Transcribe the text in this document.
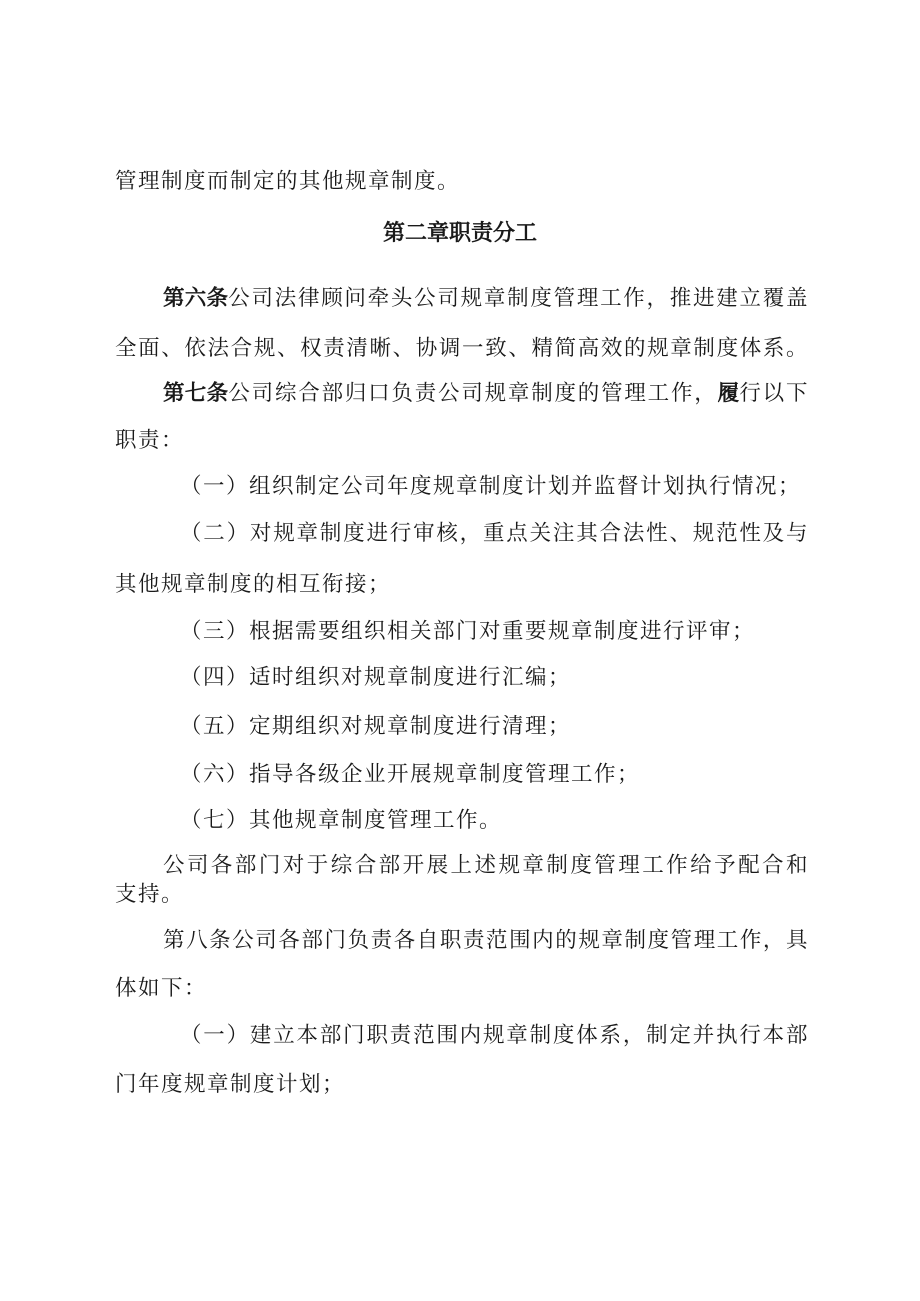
管理制度而制定的其他规章制度。
第二章职责分工
第六条公司法律顾问牵头公司规章制度管理工作，推进建立覆盖
全面、依法合规、权责清晰、协调一致、精简高效的规章制度体系。
第七条公司综合部归口负责公司规章制度的管理工作，履行以下
职责：
（一）组织制定公司年度规章制度计划并监督计划执行情况；
（二）对规章制度进行审核，重点关注其合法性、规范性及与
其他规章制度的相互衔接；
（三）根据需要组织相关部门对重要规章制度进行评审；
（四）适时组织对规章制度进行汇编；
（五）定期组织对规章制度进行清理；
（六）指导各级企业开展规章制度管理工作；
（七）其他规章制度管理工作。
公司各部门对于综合部开展上述规章制度管理工作给予配合和
支持。
第八条公司各部门负责各自职责范围内的规章制度管理工作，具
体如下：
（一）建立本部门职责范围内规章制度体系，制定并执行本部
门年度规章制度计划；
